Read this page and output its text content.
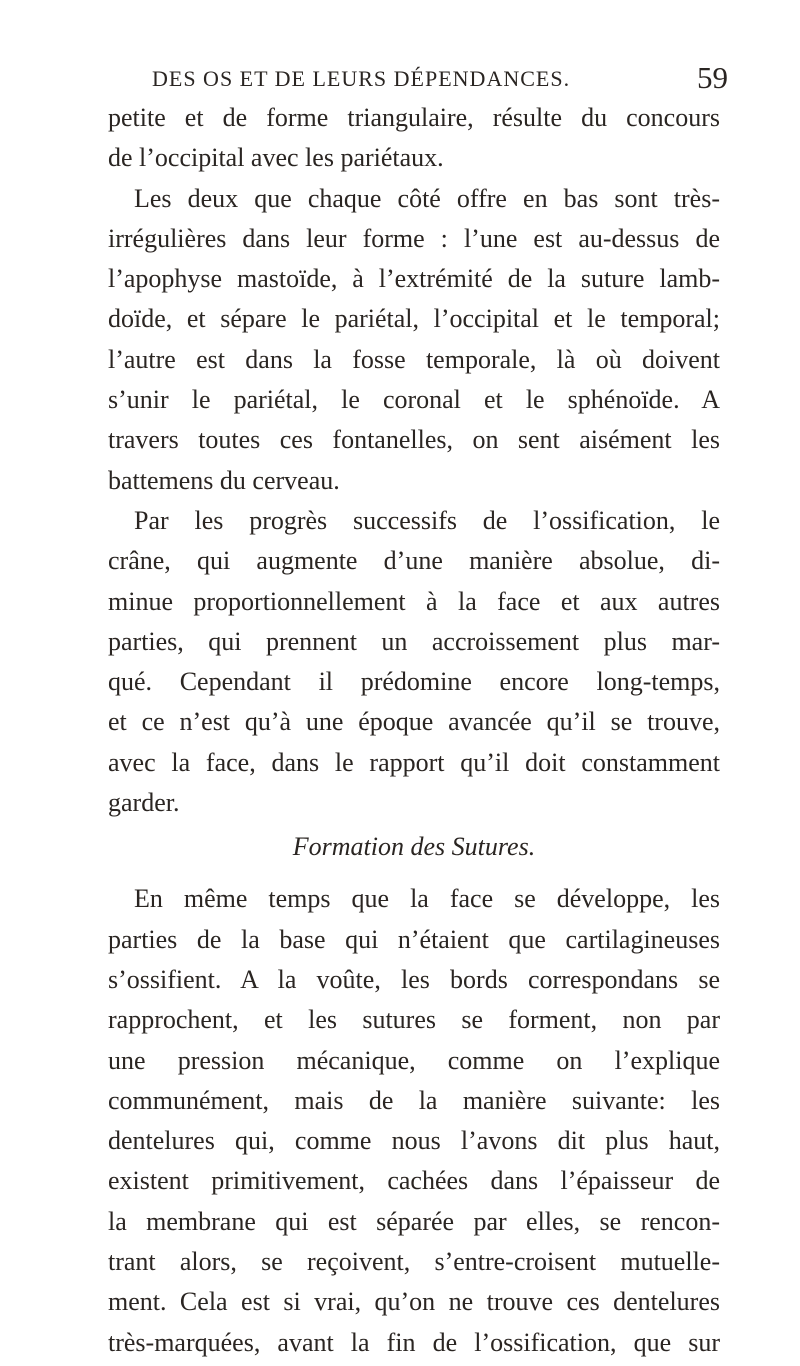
DES OS ET DE LEURS DÉPENDANCES.	59
petite et de forme triangulaire, résulte du concours
de l’occipital avec les pariétaux.
Les deux que chaque côté offre en bas sont très-
irrégulières dans leur forme : l’une est au-dessus de
l’apophyse mastoïde, à l’extrémité de la suture lamb-
doïde, et sépare le pariétal, l’occipital et le temporal;
l’autre est dans la fosse temporale, là où doivent
s’unir le pariétal, le coronal et le sphénoïde. A
travers toutes ces fontanelles, on sent aisément les
battemens du cerveau.
Par les progrès successifs de l’ossification, le
crâne, qui augmente d’une manière absolue, di-
minue proportionnellement à la face et aux autres
parties, qui prennent un accroissement plus mar-
qué. Cependant il prédomine encore long-temps,
et ce n’est qu’à une époque avancée qu’il se trouve,
avec la face, dans le rapport qu’il doit constamment
garder.
Formation des Sutures.
En même temps que la face se développe, les
parties de la base qui n’étaient que cartilagineuses
s’ossifient. A la voûte, les bords correspondans se
rapprochent, et les sutures se forment, non par
une pression mécanique, comme on l’explique
communément, mais de la manière suivante: les
dentelures qui, comme nous l’avons dit plus haut,
existent primitivement, cachées dans l’épaisseur de
la membrane qui est séparée par elles, se rencon-
trant alors, se reçoivent, s’entre-croisent mutuelle-
ment. Cela est si vrai, qu’on ne trouve ces dentelures
très-marquées, avant la fin de l’ossification, que sur
